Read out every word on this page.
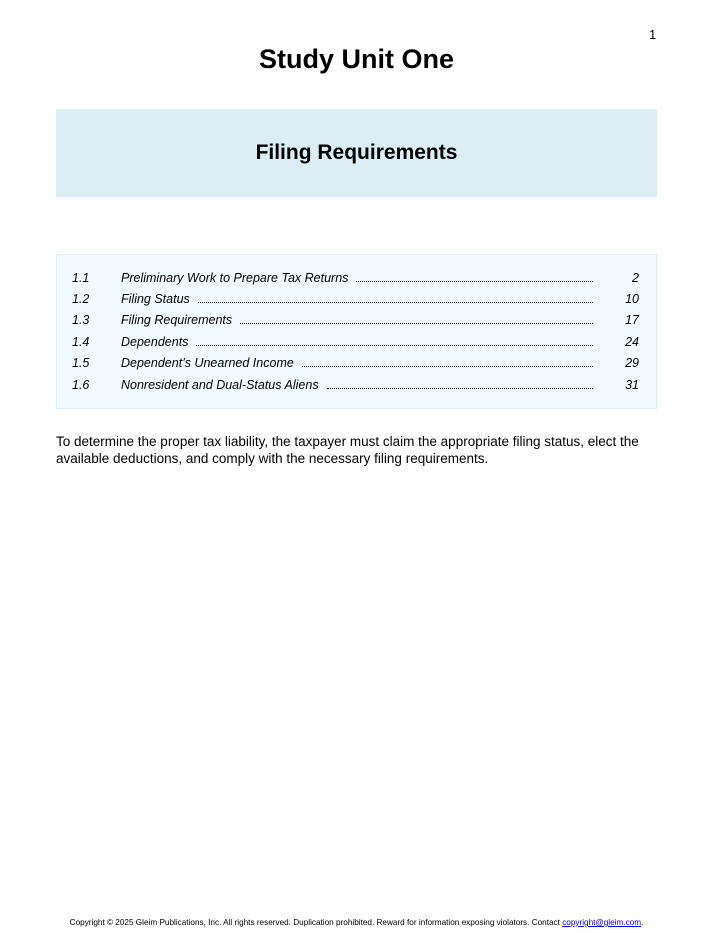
1
Study Unit One
Filing Requirements
1.1	Preliminary Work to Prepare Tax Returns	2
1.2	Filing Status	10
1.3	Filing Requirements	17
1.4	Dependents	24
1.5	Dependent’s Unearned Income	29
1.6	Nonresident and Dual-Status Aliens	31

To determine the proper tax liability, the taxpayer must claim the appropriate filing status, elect the available deductions, and comply with the necessary filing requirements.

Copyright © 2025 Gleim Publications, Inc. All rights reserved. Duplication prohibited. Reward for information exposing violators. Contact copyright@gleim.com.
